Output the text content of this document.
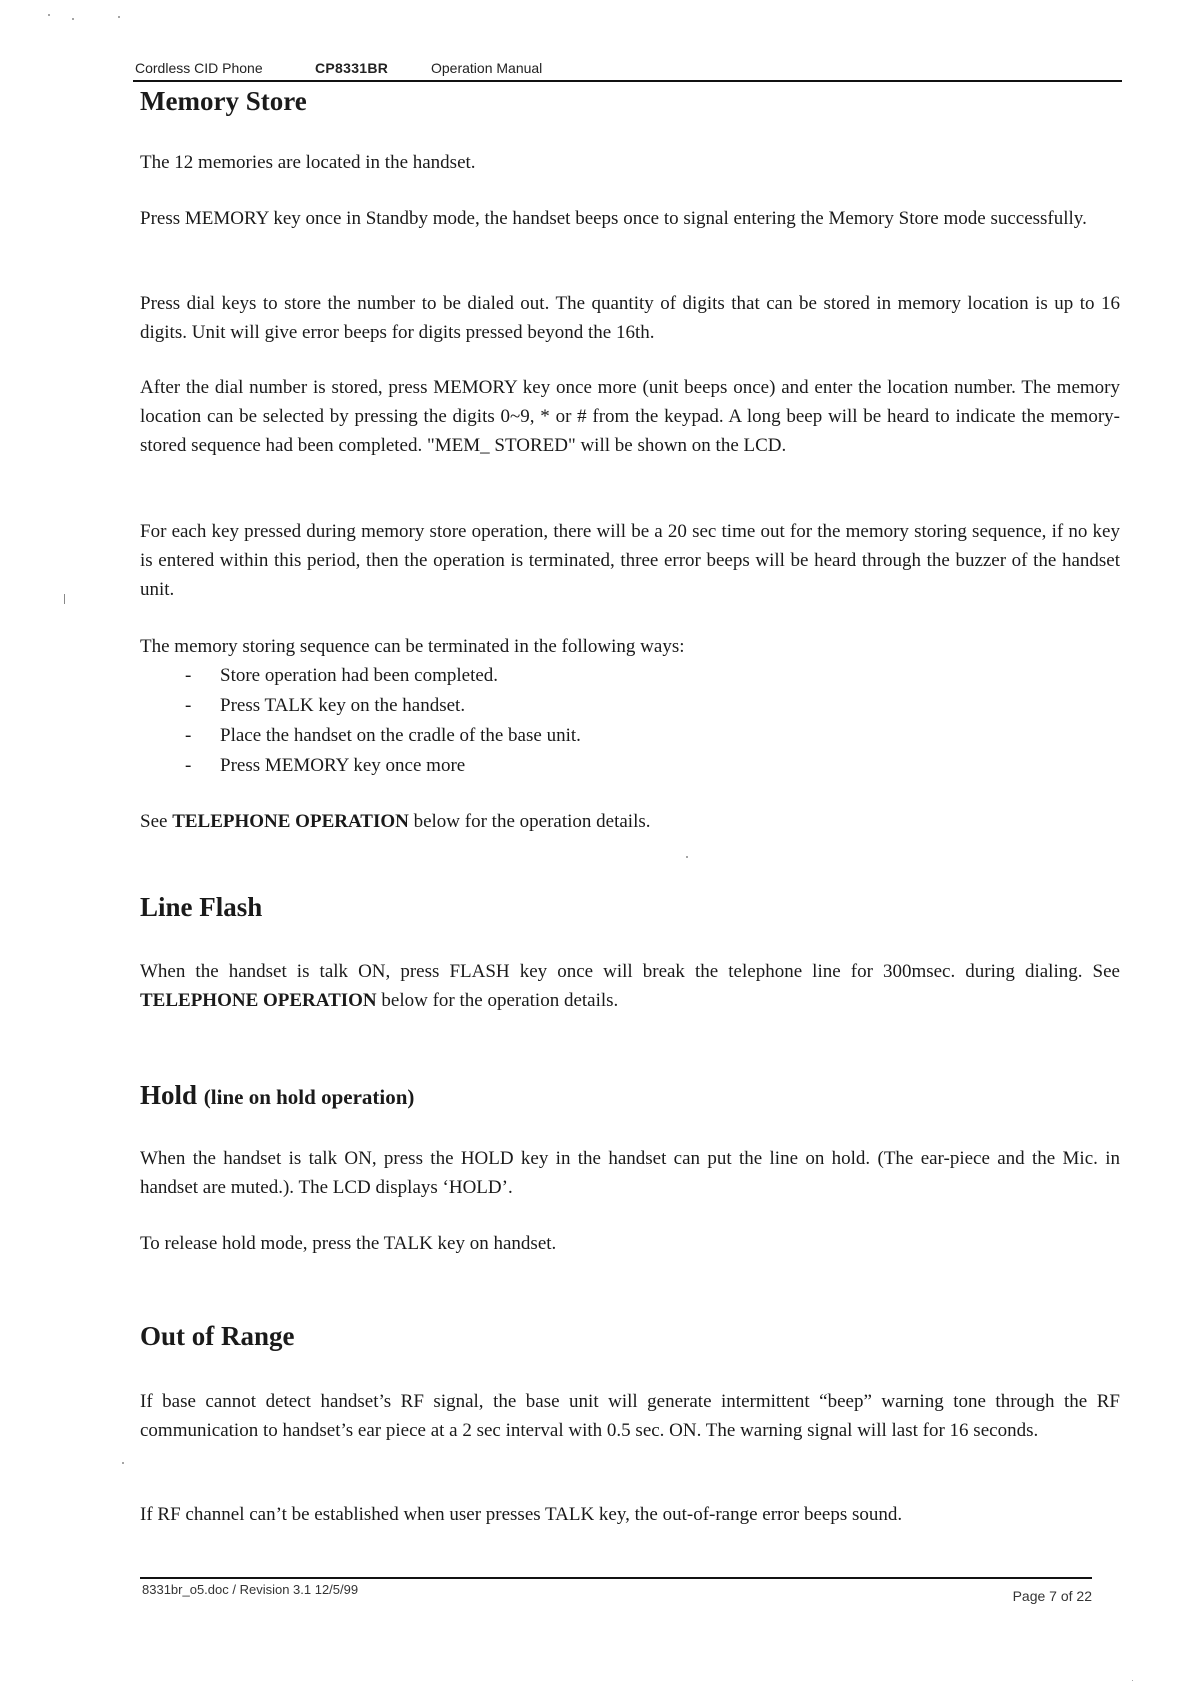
Cordless CID Phone	CP8331BR	Operation Manual
Memory Store

The 12 memories are located in the handset.

Press MEMORY key once in Standby mode, the handset beeps once to signal entering the Memory Store mode successfully.

Press dial keys to store the number to be dialed out. The quantity of digits that can be stored in memory location is up to 16 digits. Unit will give error beeps for digits pressed beyond the 16th.

After the dial number is stored, press MEMORY key once more (unit beeps once) and enter the location number. The memory location can be selected by pressing the digits 0~9, * or # from the keypad. A long beep will be heard to indicate the memory-stored sequence had been completed. "MEM_ STORED" will be shown on the LCD.

For each key pressed during memory store operation, there will be a 20 sec time out for the memory storing sequence, if no key is entered within this period, then the operation is terminated, three error beeps will be heard through the buzzer of the handset unit.

The memory storing sequence can be terminated in the following ways:

- Store operation had been completed.
- Press TALK key on the handset.
- Place the handset on the cradle of the base unit.
- Press MEMORY key once more

See TELEPHONE OPERATION below for the operation details.

Line Flash

When the handset is talk ON, press FLASH key once will break the telephone line for 300msec. during dialing. See TELEPHONE OPERATION below for the operation details.

Hold (line on hold operation)

When the handset is talk ON, press the HOLD key in the handset can put the line on hold. (The ear-piece and the Mic. in handset are muted.). The LCD displays ‘HOLD’.

To release hold mode, press the TALK key on handset.

Out of Range

If base cannot detect handset’s RF signal, the base unit will generate intermittent “beep” warning tone through the RF communication to handset’s ear piece at a 2 sec interval with 0.5 sec. ON. The warning signal will last for 16 seconds.

If RF channel can’t be established when user presses TALK key, the out-of-range error beeps sound.

8331br_o5.doc / Revision 3.1 12/5/99	Page 7 of 22
